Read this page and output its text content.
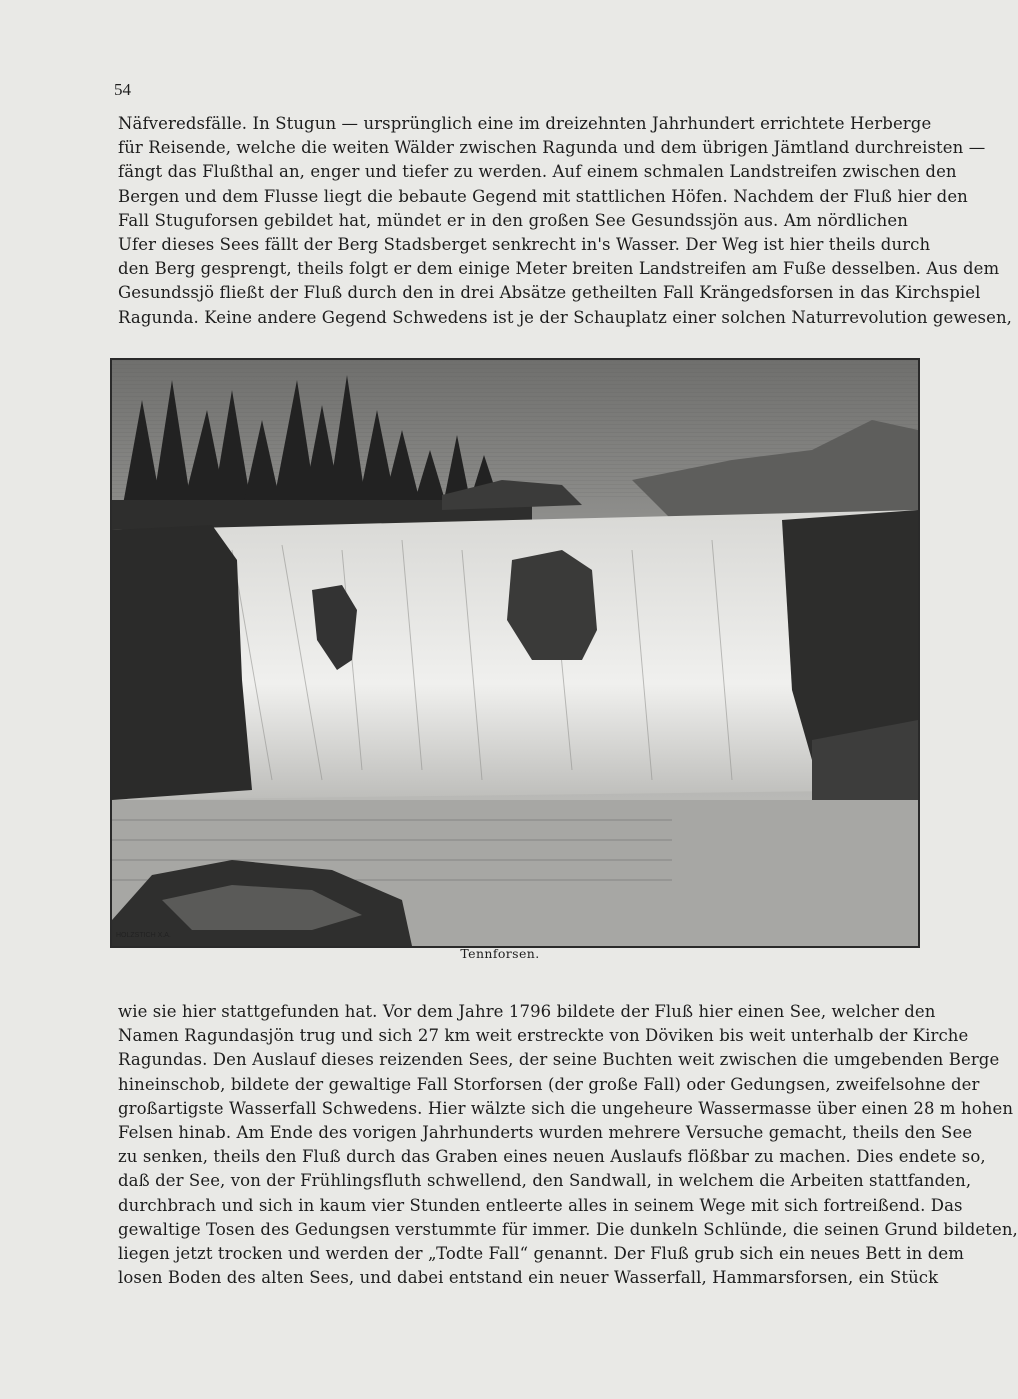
54
Näfveredsfälle. In Stugun — ursprünglich eine im dreizehnten Jahrhundert errichtete Herberge
für Reisende, welche die weiten Wälder zwischen Ragunda und dem übrigen Jämtland durchreisten —
fängt das Flußthal an, enger und tiefer zu werden. Auf einem schmalen Landstreifen zwischen den
Bergen und dem Flusse liegt die bebaute Gegend mit stattlichen Höfen. Nachdem der Fluß hier den
Fall Stuguforsen gebildet hat, mündet er in den großen See Gesundssjön aus. Am nördlichen
Ufer dieses Sees fällt der Berg Stadsberget senkrecht in's Wasser. Der Weg ist hier theils durch
den Berg gesprengt, theils folgt er dem einige Meter breiten Landstreifen am Fuße desselben. Aus dem
Gesundssjö fließt der Fluß durch den in drei Absätze getheilten Fall Krängedsforsen in das Kirchspiel
Ragunda. Keine andere Gegend Schwedens ist je der Schauplatz einer solchen Naturrevolution gewesen,
HOLZSTICH X.A.
Tennforsen.
wie sie hier stattgefunden hat. Vor dem Jahre 1796 bildete der Fluß hier einen See, welcher den
Namen Ragundasjön trug und sich 27 km weit erstreckte von Döviken bis weit unterhalb der Kirche
Ragundas. Den Auslauf dieses reizenden Sees, der seine Buchten weit zwischen die umgebenden Berge
hineinschob, bildete der gewaltige Fall Storforsen (der große Fall) oder Gedungsen, zweifelsohne der
großartigste Wasserfall Schwedens. Hier wälzte sich die ungeheure Wassermasse über einen 28 m hohen
Felsen hinab. Am Ende des vorigen Jahrhunderts wurden mehrere Versuche gemacht, theils den See
zu senken, theils den Fluß durch das Graben eines neuen Auslaufs flößbar zu machen. Dies endete so,
daß der See, von der Frühlingsfluth schwellend, den Sandwall, in welchem die Arbeiten stattfanden,
durchbrach und sich in kaum vier Stunden entleerte alles in seinem Wege mit sich fortreißend. Das
gewaltige Tosen des Gedungsen verstummte für immer. Die dunkeln Schlünde, die seinen Grund bildeten,
liegen jetzt trocken und werden der „Todte Fall“ genannt. Der Fluß grub sich ein neues Bett in dem
losen Boden des alten Sees, und dabei entstand ein neuer Wasserfall, Hammarsforsen, ein Stück
